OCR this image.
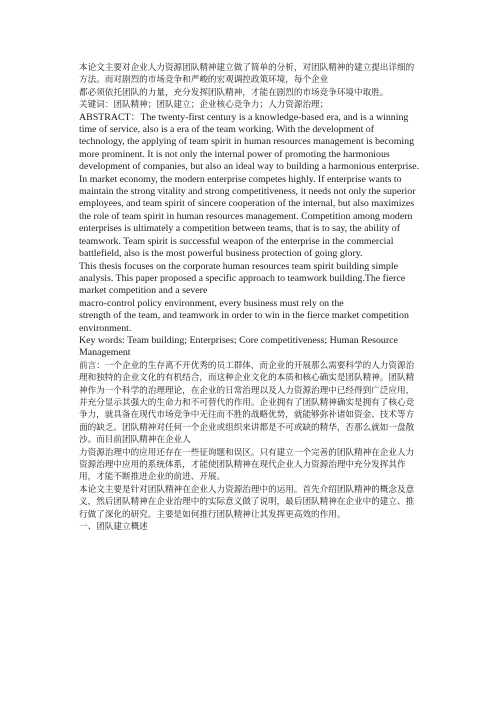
本论文主要对企业人力资源团队精神建立做了简单的分析，对团队精神的建立提出详细的方法。而对剧烈的市场竞争和严峻的宏观调控政策环境，每个企业

都必须依托团队的力量，充分发挥团队精神，才能在剧烈的市场竞争环境中取胜。

关键词：团队精神；团队建立；企业核心竞争力；人力资源治理；

ABSTRACT：The twenty-first century is a knowledge-based era, and is a winning time of service, also is a era of the team working. With the development of technology, the applying of team spirit in human resources management is becoming more prominent. It is not only the internal power of promoting the harmonious development of companies, but also an ideal way to building a harmonious enterprise. In market economy, the modern enterprise competes highly. If enterprise wants to maintain the strong vitality and strong competitiveness, it needs not only the superior employees, and team spirit of sincere cooperation of the internal, but also maximizes the role of team spirit in human resources management. Competition among modern enterprises is ultimately a competition between teams, that is to say, the ability of teamwork. Team spirit is successful weapon of the enterprise in the commercial battlefield, also is the most powerful business protection of going glory.

This thesis focuses on the corporate human resources team spirit building simple analysis. This paper proposed a specific approach to teamwork building.The fierce market competition and a severe

macro-control policy environment, every business must rely on the

strength of the team, and teamwork in order to win in the fierce market competition environment.

Key words: Team building; Enterprises; Core competitiveness; Human Resource Management

前言：一个企业的生存离不开优秀的员工群体，而企业的开展那么需要科学的人力资源治理和独特的企业文化的有机结合，而这种企业文化的本质和核心确实是团队精神。团队精神作为一个科学的治理理论，在企业的日常治理以及人力资源治理中已经得到广泛应用，并充分显示其强大的生命力和不可替代的作用。企业拥有了团队精神确实是拥有了核心竞争力，就具备在现代市场竞争中无往而不胜的战略优势，就能够弥补诸如资金、技术等方面的缺乏。团队精神对任何一个企业或组织来讲都是不可或缺的精华，否那么就如一盘散沙。而目前团队精神在企业人

力资源治理中的应用还存在一些征询题和误区。只有建立一个完善的团队精神在企业人力资源治理中应用的系统体系，才能使团队精神在现代企业人力资源治理中充分发挥其作用，才能不断推进企业的前进、开展。

本论文主要是针对团队精神在企业人力资源治理中的运用。首先介绍团队精神的概念及意义，然后团队精神在企业治理中的实际意义做了说明，最后团队精神在企业中的建立、推行做了深化的研究。主要是如何推行团队精神让其发挥更高效的作用。

一、团队建立概述
